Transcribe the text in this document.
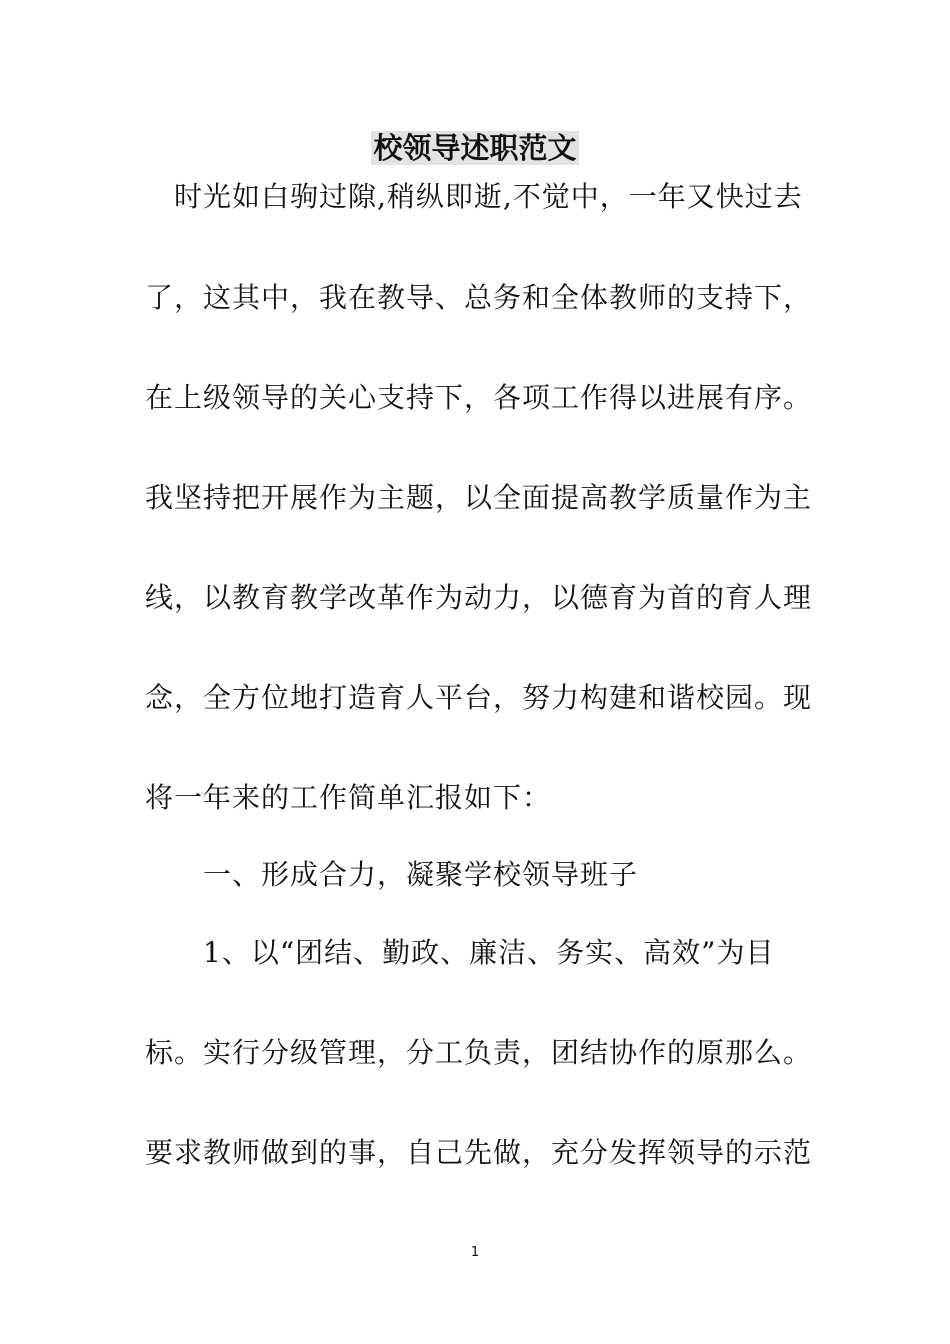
校领导述职范文
　时光如白驹过隙,稍纵即逝,不觉中，一年又快过去
了，这其中，我在教导、总务和全体教师的支持下，
在上级领导的关心支持下，各项工作得以进展有序。
我坚持把开展作为主题，以全面提高教学质量作为主
线，以教育教学改革作为动力，以德育为首的育人理
念，全方位地打造育人平台，努力构建和谐校园。现
将一年来的工作简单汇报如下：
　　一、形成合力，凝聚学校领导班子
　　1、以“团结、勤政、廉洁、务实、高效”为目
标。实行分级管理，分工负责，团结协作的原那么。
要求教师做到的事，自己先做，充分发挥领导的示范
1
